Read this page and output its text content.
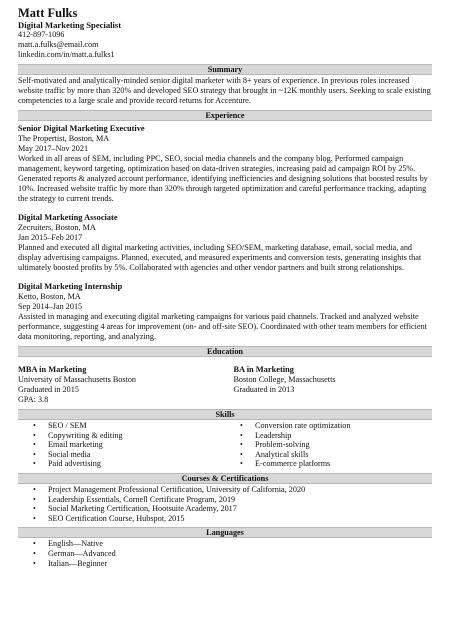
Matt Fulks
Digital Marketing Specialist
412-897-1096
matt.a.fulks@email.com
linkedin.com/in/matt.a.fulks1
Summary
Self-motivated and analytically-minded senior digital marketer with 8+ years of experience. In previous roles increased website traffic by more than 320% and developed SEO strategy that brought in ~12K monthly users. Seeking to scale existing competencies to a large scale and provide record returns for Accenture.
Experience
Senior Digital Marketing Executive
The Propertist, Boston, MA
May 2017–Nov 2021
Worked in all areas of SEM, including PPC, SEO, social media channels and the company blog. Performed campaign management, keyword targeting, optimization based on data-driven strategies, increasing paid ad campaign ROI by 25%. Generated reports & analyzed account performance, identifying inefficiencies and designing solutions that boosted results by 10%. Increased website traffic by more than 320% through targeted optimization and careful performance tracking, adapting the strategy to current trends.
Digital Marketing Associate
Zecruiters, Boston, MA
Jan 2015–Feb 2017
Planned and executed all digital marketing activities, including SEO/SEM, marketing database, email, social media, and display advertising campaigns. Planned, executed, and measured experiments and conversion tests, generating insights that ultimately boosted profits by 5%. Collaborated with agencies and other vendor partners and built strong relationships.
Digital Marketing Internship
Ketto, Boston, MA
Sep 2014–Jan 2015
Assisted in managing and executing digital marketing campaigns for various paid channels. Tracked and analyzed website performance, suggesting 4 areas for improvement (on- and off-site SEO). Coordinated with other team members for efficient data monitoring, reporting, and analyzing.
Education
MBA in Marketing
University of Massachusetts Boston
Graduated in 2015
GPA: 3.8
BA in Marketing
Boston College, Massachusetts
Graduated in 2013
Skills
• SEO / SEM
• Copywriting & editing
• Email marketing
• Social media
• Paid advertising
• Conversion rate optimization
• Leadership
• Problem-solving
• Analytical skills
• E-commerce platforms
Courses & Certifications
• Project Management Professional Certification, University of California, 2020
• Leadership Essentials, Cornell Certificate Program, 2019
• Social Marketing Certification, Hootsuite Academy, 2017
• SEO Certification Course, Hubspot, 2015
Languages
• English—Native
• German—Advanced
• Italian—Beginner
